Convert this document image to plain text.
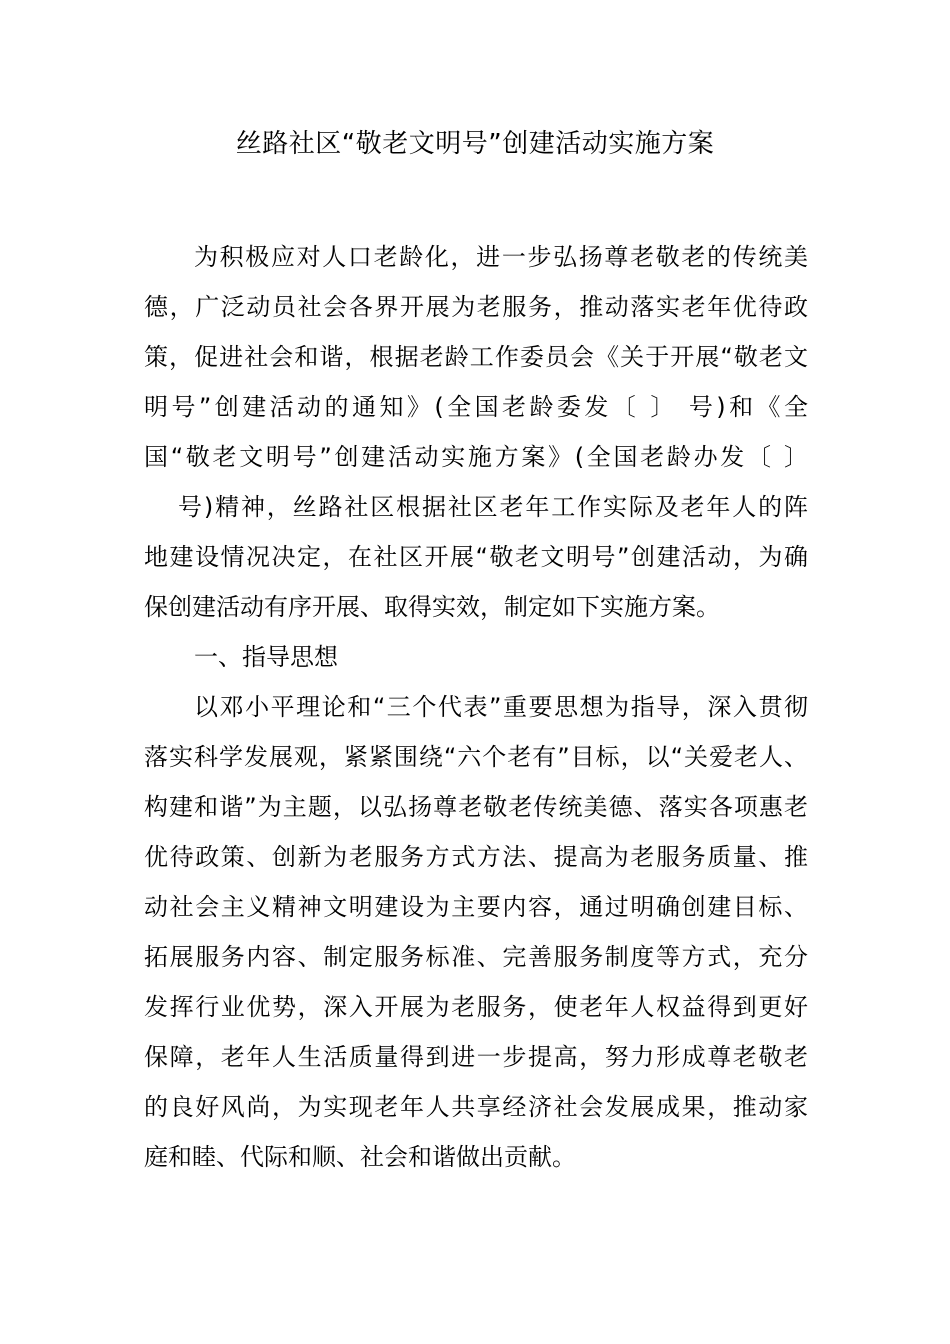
丝路社区“敬老文明号”创建活动实施方案
为积极应对人口老龄化，进一步弘扬尊老敬老的传统美
德，广泛动员社会各界开展为老服务，推动落实老年优待政
策，促进社会和谐，根据老龄工作委员会《关于开展“敬老文
明号”创建活动的通知》(全国老龄委发〔 〕 号)和《全
国“敬老文明号”创建活动实施方案》(全国老龄办发〔 〕
号)精神，丝路社区根据社区老年工作实际及老年人的阵
地建设情况决定，在社区开展“敬老文明号”创建活动，为确
保创建活动有序开展、取得实效，制定如下实施方案。
一、指导思想
以邓小平理论和“三个代表”重要思想为指导，深入贯彻
落实科学发展观，紧紧围绕“六个老有”目标，以“关爱老人、
构建和谐”为主题，以弘扬尊老敬老传统美德、落实各项惠老
优待政策、创新为老服务方式方法、提高为老服务质量、推
动社会主义精神文明建设为主要内容，通过明确创建目标、
拓展服务内容、制定服务标准、完善服务制度等方式，充分
发挥行业优势，深入开展为老服务，使老年人权益得到更好
保障，老年人生活质量得到进一步提高，努力形成尊老敬老
的良好风尚，为实现老年人共享经济社会发展成果，推动家
庭和睦、代际和顺、社会和谐做出贡献。
